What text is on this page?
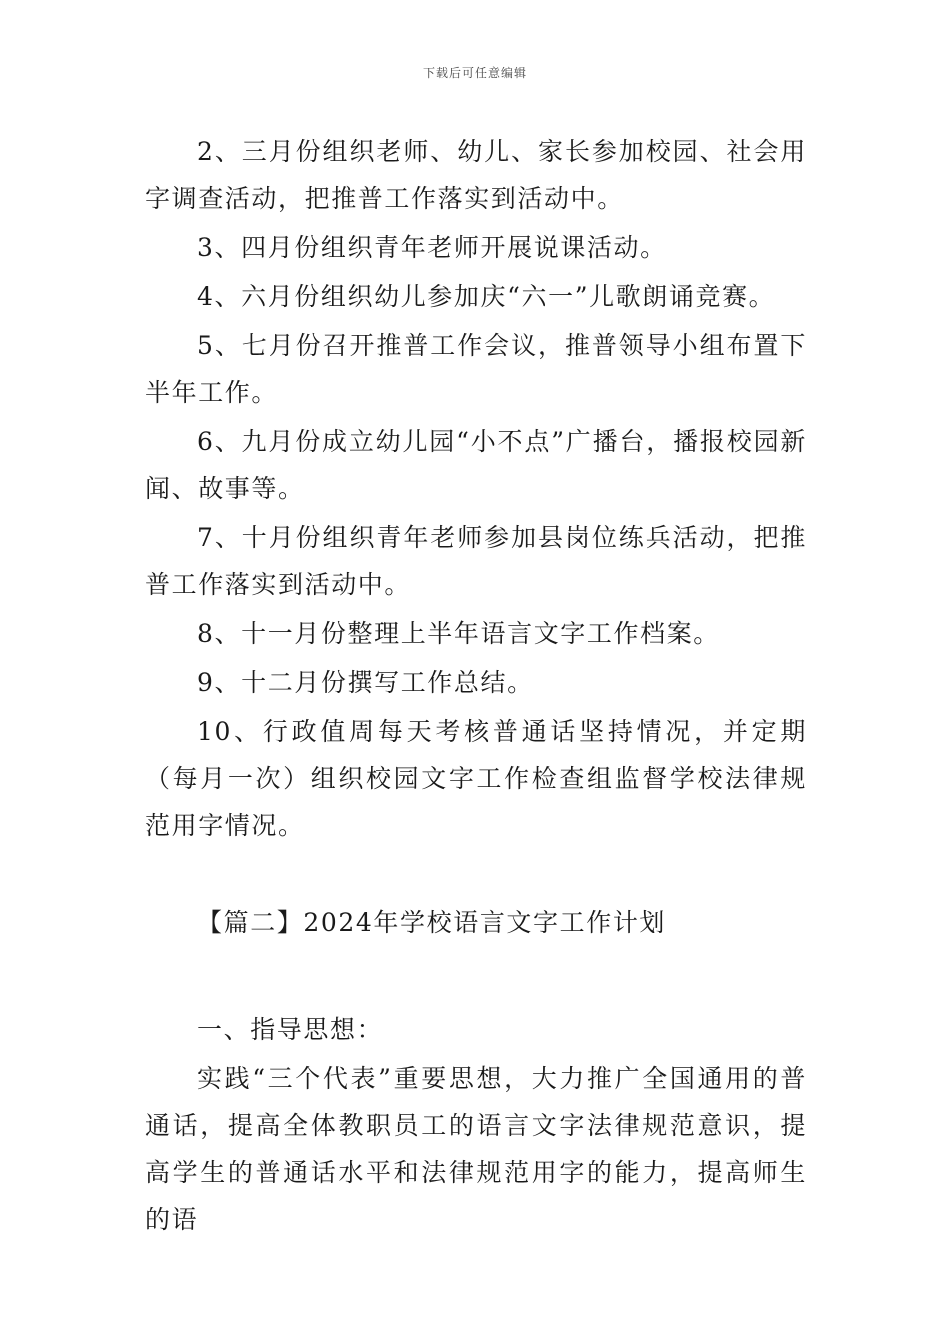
下载后可任意编辑

2、三月份组织老师、幼儿、家长参加校园、社会用字调查活动，把推普工作落实到活动中。

3、四月份组织青年老师开展说课活动。

4、六月份组织幼儿参加庆“六一”儿歌朗诵竞赛。

5、七月份召开推普工作会议，推普领导小组布置下半年工作。

6、九月份成立幼儿园“小不点”广播台，播报校园新闻、故事等。

7、十月份组织青年老师参加县岗位练兵活动，把推普工作落实到活动中。

8、十一月份整理上半年语言文字工作档案。

9、十二月份撰写工作总结。

10、行政值周每天考核普通话坚持情况，并定期（每月一次）组织校园文字工作检查组监督学校法律规范用字情况。

【篇二】2024年学校语言文字工作计划

一、指导思想：

实践“三个代表”重要思想，大力推广全国通用的普通话，提高全体教职员工的语言文字法律规范意识，提高学生的普通话水平和法律规范用字的能力，提高师生的语
